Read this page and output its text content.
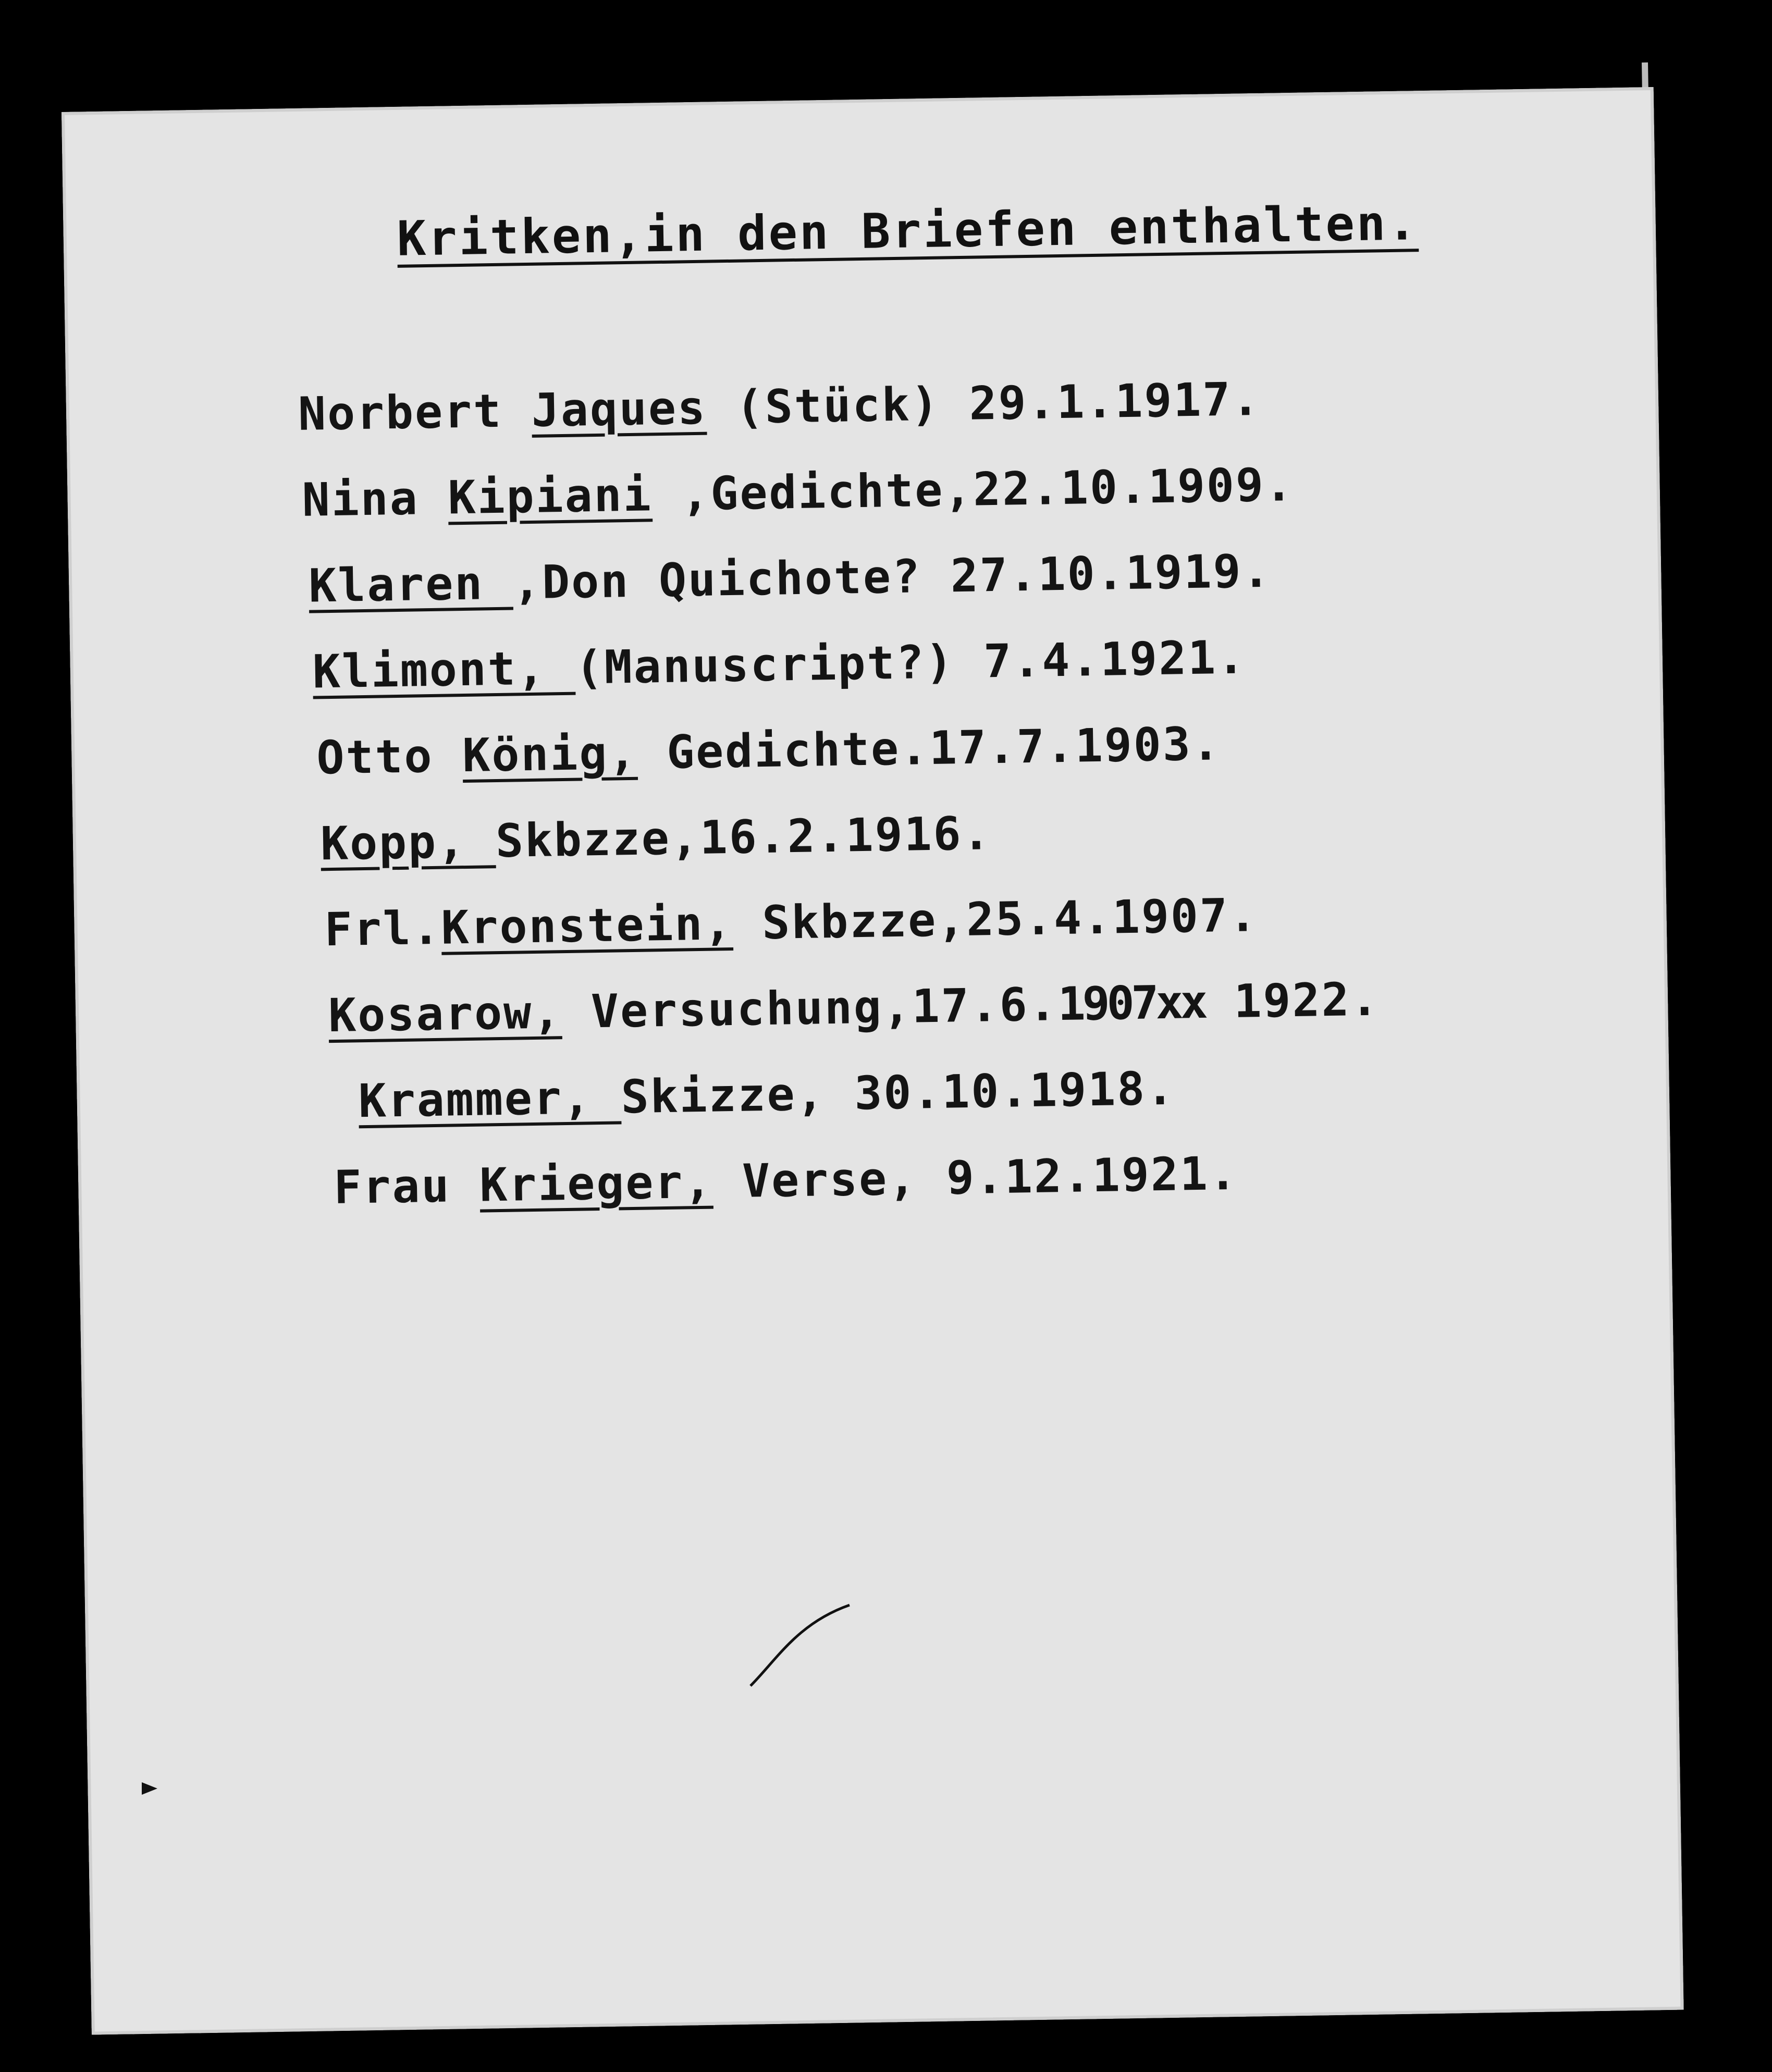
Kritken,in den Briefen enthalten.
Norbert Jaques (Stück) 29.1.1917.
Nina Kipiani ,Gedichte,22.10.1909.
Klaren ,Don Quichote? 27.10.1919.
Klimont, (Manuscript?) 7.4.1921.
Otto König, Gedichte.17.7.1903.
Kopp, Skbzze,16.2.1916.
Frl.Kronstein, Skbzze,25.4.1907.
Kosarow, Versuchung,17.6.1907xx 1922.
Krammer, Skizze, 30.10.1918.
Frau Krieger, Verse, 9.12.1921.
